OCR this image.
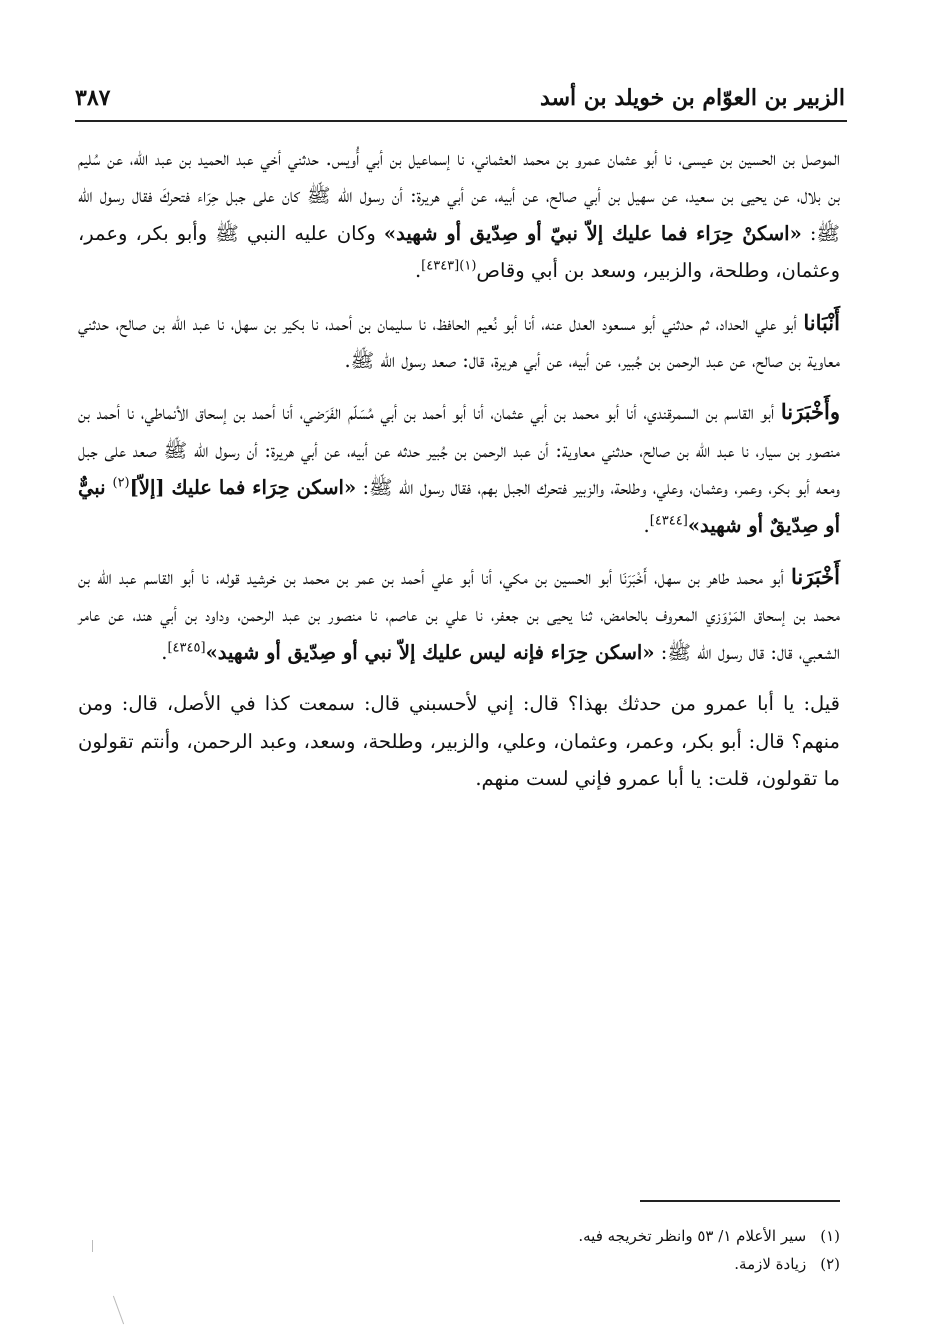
الزبير بن العوّام بن خويلد بن أسد
٣٨٧

الموصل بن الحسين بن عيسى، نا أبو عثمان عمرو بن محمد العثماني، نا إسماعيل بن أبي أُويس. حدثني أخي عبد الحميد بن عبد الله، عن سُليم بن بلال، عن يحيى بن سعيد، عن سهيل بن أبي صالح، عن أبيه، عن أبي هريرة: أن رسول الله ﷺ كان على جبل حِرَاء فتحركَ فقال رسول الله ﷺ: «اسكنْ حِرَاء فما عليك إلاّ نبيّ أو صِدّيق أو شهيد» وكان عليه النبي ﷺ وأبو بكر، وعمر، وعثمان، وطلحة، والزبير، وسعد بن أبي وقاص$^{(١)[٤٣٤٣]}$.

أَنْبَانا أبو علي الحداد، ثم حدثني أبو مسعود العدل عنه، أنا أبو نُعيم الحافظ، نا سليمان بن أحمد، نا بكير بن سهل، نا عبد الله بن صالح، حدثني معاوية بن صالح، عن عبد الرحمن بن جُبير، عن أبيه، عن أبي هريرة، قال: صعد رسول الله ﷺ.

وأَخْبَرَنا أبو القاسم بن السمرقندي، أنا أبو محمد بن أبي عثمان، أنا أبو أحمد بن أبي مُسَلّم الفَرَضي، أنا أحمد بن إسحاق الأنماطي، نا أحمد بن منصور بن سيار، نا عبد الله بن صالح، حدثني معاوية: أن عبد الرحمن بن جُبير حدثه عن أبيه، عن أبي هريرة: أن رسول الله ﷺ صعد على جبل ومعه أبو بكر، وعمر، وعثمان، وعلي، وطلحة، والزبير فتحرك الجبل بهم، فقال رسول الله ﷺ: «اسكن حِرَاء فما عليك [إلاّ]$^{(٢)}$ نبيٌّ أو صِدّيقٌ أو شهيد»[٤٣٤٤].

أَخْبَرَنا أبو محمد طاهر بن سهل، أَخْبَرَنَا أبو الحسين بن مكي، أنا أبو علي أحمد بن عمر بن محمد بن خرشيد قوله، نا أبو القاسم عبد الله بن محمد بن إسحاق المَرْوَزي المعروف بالحامض، ثنا يحيى بن جعفر، نا علي بن عاصم، نا منصور بن عبد الرحمن، وداود بن أبي هند، عن عامر الشعبي، قال: قال رسول الله ﷺ: «اسكن حِرَاء فإنه ليس عليك إلاّ نبي أو صِدّيق أو شهيد»[٤٣٤٥].

قيل: يا أبا عمرو من حدثك بهذا؟ قال: إني لأحسبني قال: سمعت كذا في الأصل، قال: ومن منهم؟ قال: أبو بكر، وعمر، وعثمان، وعلي، والزبير، وطلحة، وسعد، وعبد الرحمن، وأنتم تقولون ما تقولون، قلت: يا أبا عمرو فإني لست منهم.

(١)سير الأعلام ١/ ٥٣ وانظر تخريجه فيه.
(٢)زيادة لازمة.
